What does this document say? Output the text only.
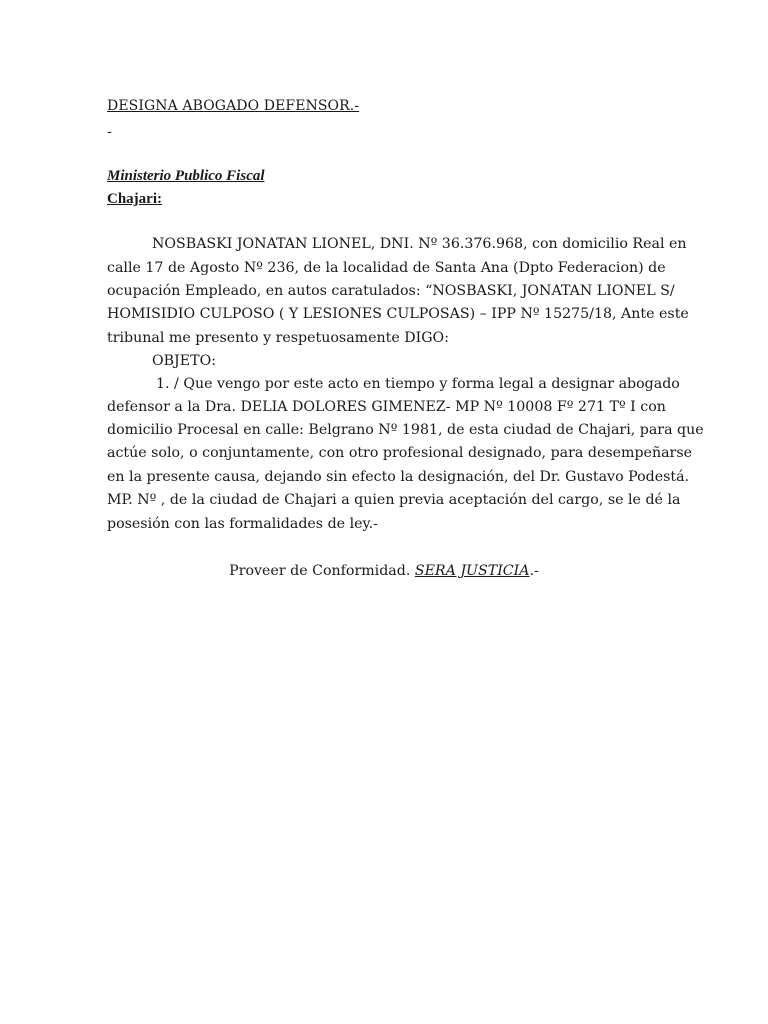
DESIGNA ABOGADO DEFENSOR.-
-
Ministerio Publico Fiscal
Chajari:
NOSBASKI JONATAN LIONEL, DNI. Nº 36.376.968, con domicilio Real en
calle 17 de Agosto Nº 236, de la localidad de Santa Ana (Dpto Federacion) de
ocupación Empleado, en autos caratulados: “NOSBASKI, JONATAN LIONEL S/
HOMISIDIO CULPOSO ( Y LESIONES CULPOSAS) – IPP Nº 15275/18, Ante este
tribunal me presento y respetuosamente DIGO:
OBJETO:
1. / Que vengo por este acto en tiempo y forma legal a designar abogado
defensor a la Dra. DELIA DOLORES GIMENEZ- MP Nº 10008 Fº 271 Tº I con
domicilio Procesal en calle: Belgrano Nº 1981, de esta ciudad de Chajari, para que
actúe solo, o conjuntamente, con otro profesional designado, para desempeñarse
en la presente causa, dejando sin efecto la designación, del Dr. Gustavo Podestá.
MP. Nº , de la ciudad de Chajari a quien previa aceptación del cargo, se le dé la
posesión con las formalidades de ley.-
Proveer de Conformidad. SERA JUSTICIA.-
